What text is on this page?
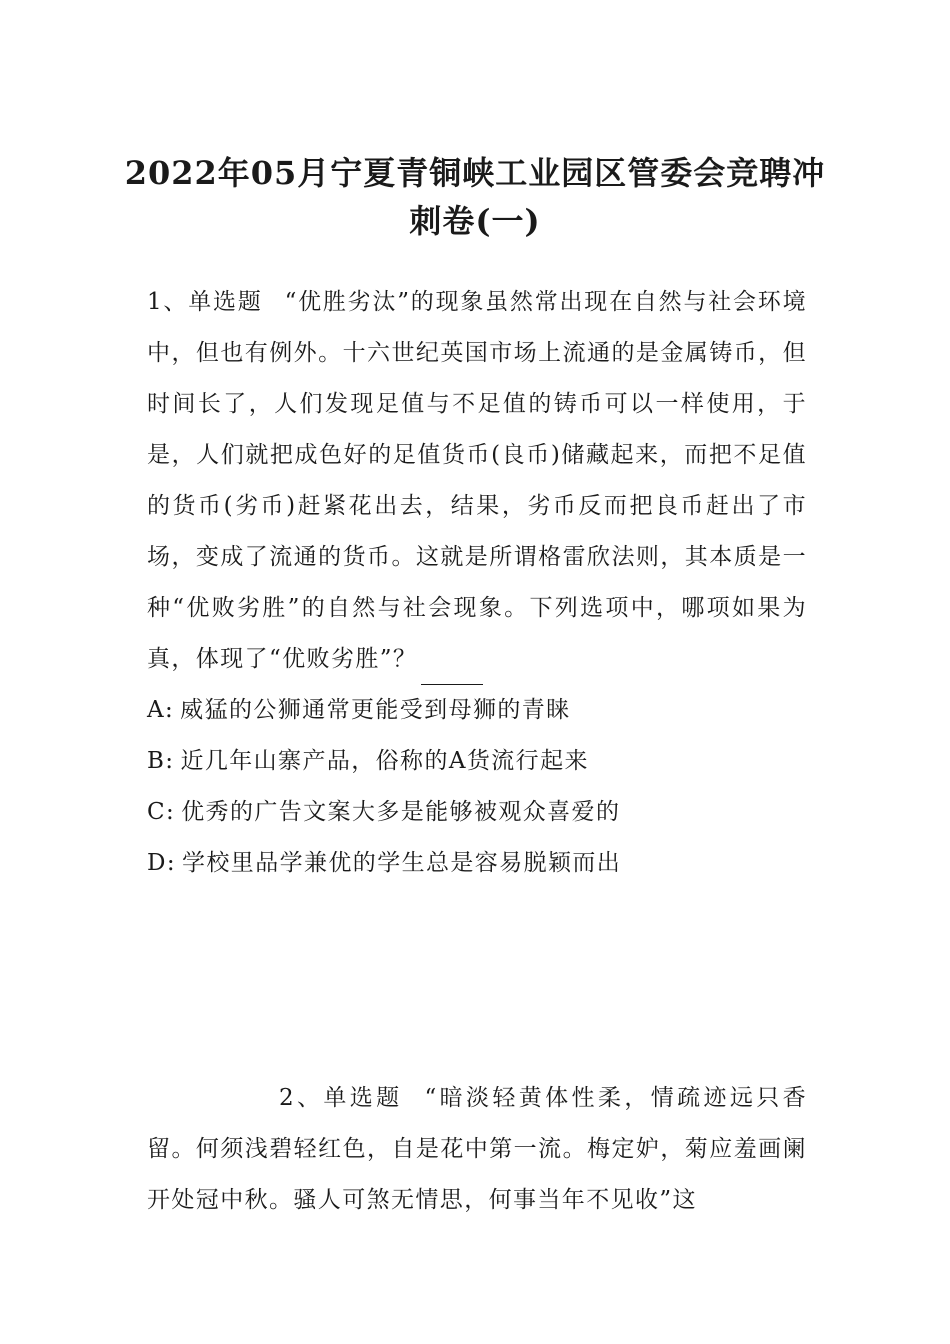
2022年05月宁夏青铜峡工业园区管委会竞聘冲刺卷(一)

1、单选题 “优胜劣汰”的现象虽然常出现在自然与社会环境中，但也有例外。十六世纪英国市场上流通的是金属铸币，但时间长了，人们发现足值与不足值的铸币可以一样使用，于是，人们就把成色好的足值货币(良币)储藏起来，而把不足值的货币(劣币)赶紧花出去，结果，劣币反而把良币赶出了市场，变成了流通的货币。这就是所谓格雷欣法则，其本质是一种“优败劣胜”的自然与社会现象。下列选项中，哪项如果为真，体现了“优败劣胜”？

A: 威猛的公狮通常更能受到母狮的青睐

B: 近几年山寨产品，俗称的A货流行起来

C: 优秀的广告文案大多是能够被观众喜爱的

D: 学校里品学兼优的学生总是容易脱颖而出

2、单选题 “暗淡轻黄体性柔，情疏迹远只香留。何须浅碧轻红色，自是花中第一流。梅定妒，菊应羞画阑开处冠中秋。骚人可煞无情思，何事当年不见收”这
